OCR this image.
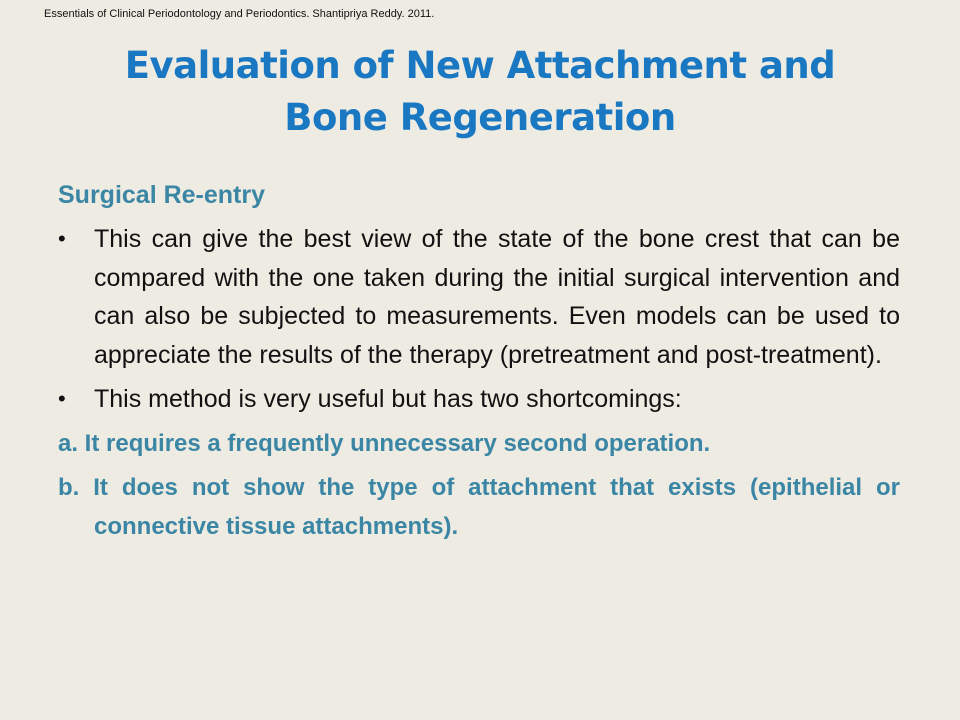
Essentials of Clinical Periodontology and Periodontics. Shantipriya Reddy. 2011.
Evaluation of New Attachment and
Bone Regeneration
Surgical Re-entry
• This can give the best view of the state of the bone crest that can be compared with the one taken during the initial surgical intervention and can also be subjected to measurements. Even models can be used to appreciate the results of the therapy (pretreatment and post-treatment).
• This method is very useful but has two shortcomings:
a. It requires a frequently unnecessary second operation.
b. It does not show the type of attachment that exists (epithelial or connective tissue attachments).
